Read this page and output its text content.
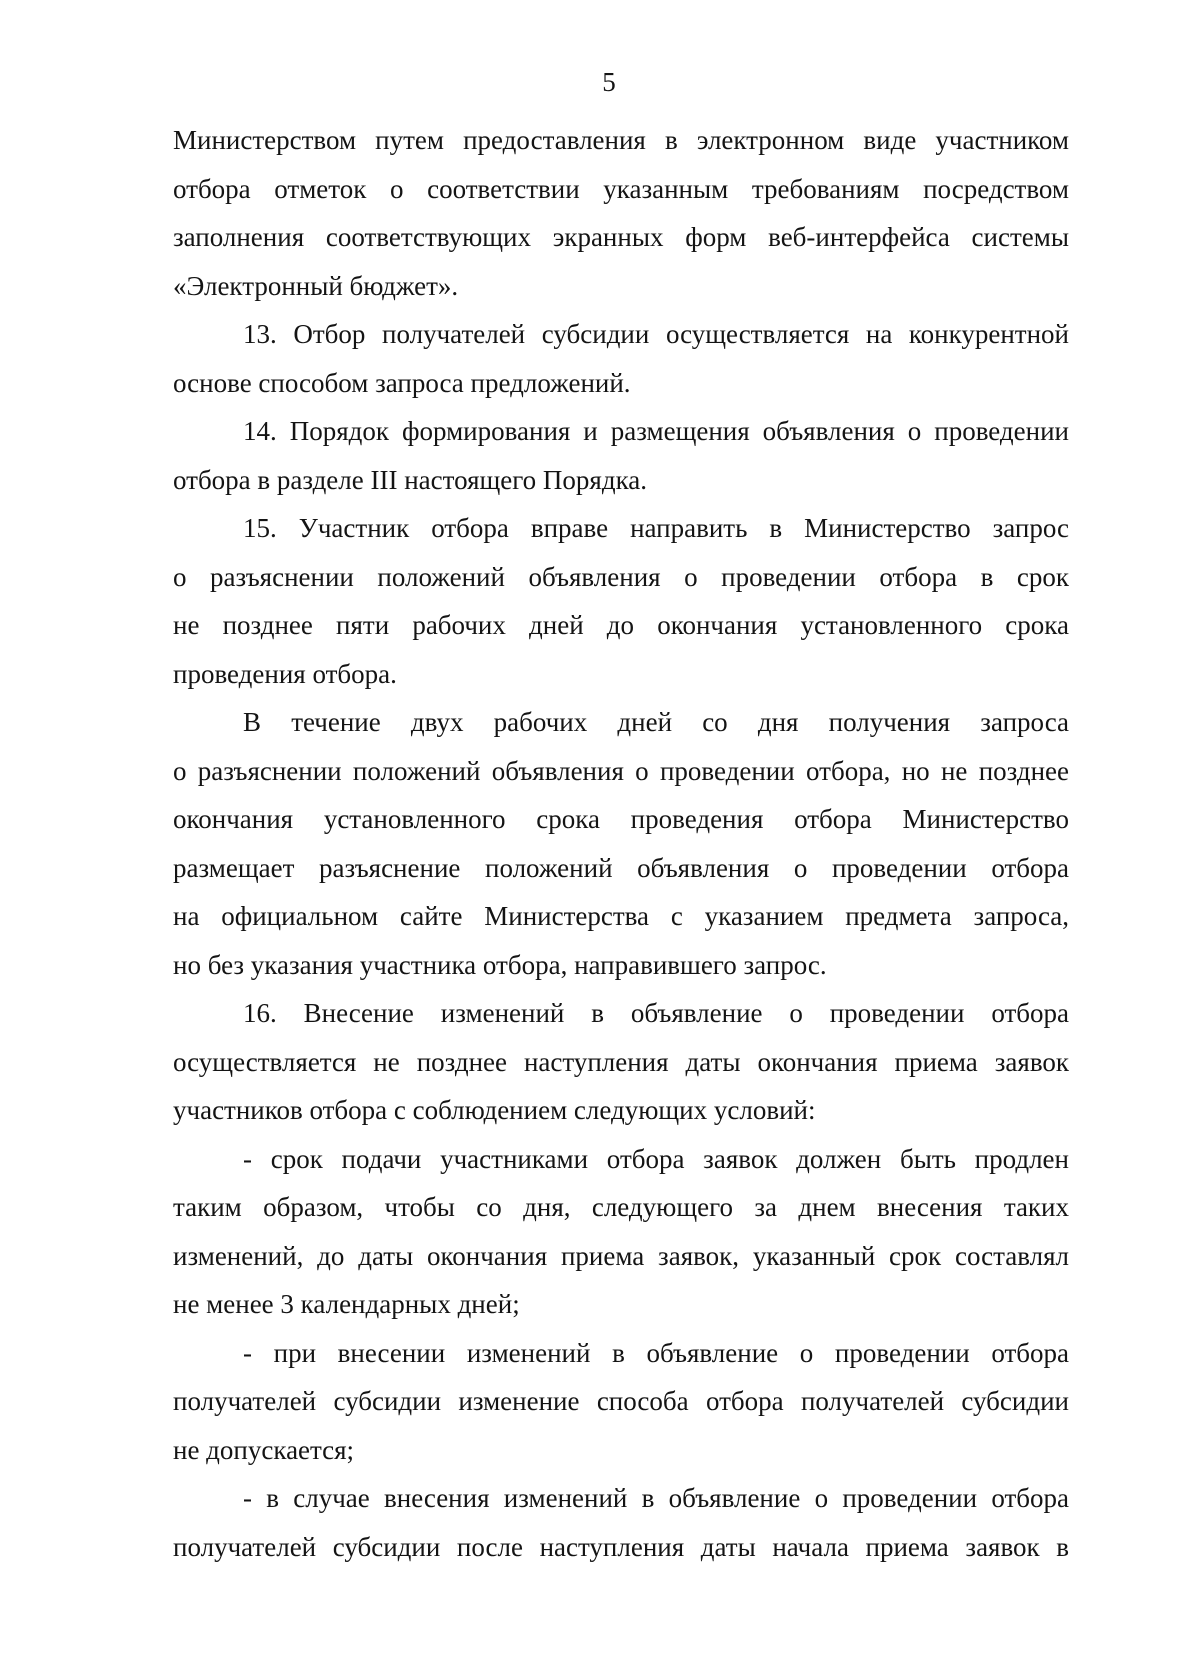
5
Министерством путем предоставления в электронном виде участником
отбора отметок о соответствии указанным требованиям посредством
заполнения соответствующих экранных форм веб-интерфейса системы
«Электронный бюджет».
13. Отбор получателей субсидии осуществляется на конкурентной
основе способом запроса предложений.
14. Порядок формирования и размещения объявления о проведении
отбора в разделе III настоящего Порядка.
15. Участник отбора вправе направить в Министерство запрос
о разъяснении положений объявления о проведении отбора в срок
не позднее пяти рабочих дней до окончания установленного срока
проведения отбора.
В течение двух рабочих дней со дня получения запроса
о разъяснении положений объявления о проведении отбора, но не позднее
окончания установленного срока проведения отбора Министерство
размещает разъяснение положений объявления о проведении отбора
на официальном сайте Министерства с указанием предмета запроса,
но без указания участника отбора, направившего запрос.
16. Внесение изменений в объявление о проведении отбора
осуществляется не позднее наступления даты окончания приема заявок
участников отбора с соблюдением следующих условий:
- срок подачи участниками отбора заявок должен быть продлен
таким образом, чтобы со дня, следующего за днем внесения таких
изменений, до даты окончания приема заявок, указанный срок составлял
не менее 3 календарных дней;
- при внесении изменений в объявление о проведении отбора
получателей субсидии изменение способа отбора получателей субсидии
не допускается;
- в случае внесения изменений в объявление о проведении отбора
получателей субсидии после наступления даты начала приема заявок в
